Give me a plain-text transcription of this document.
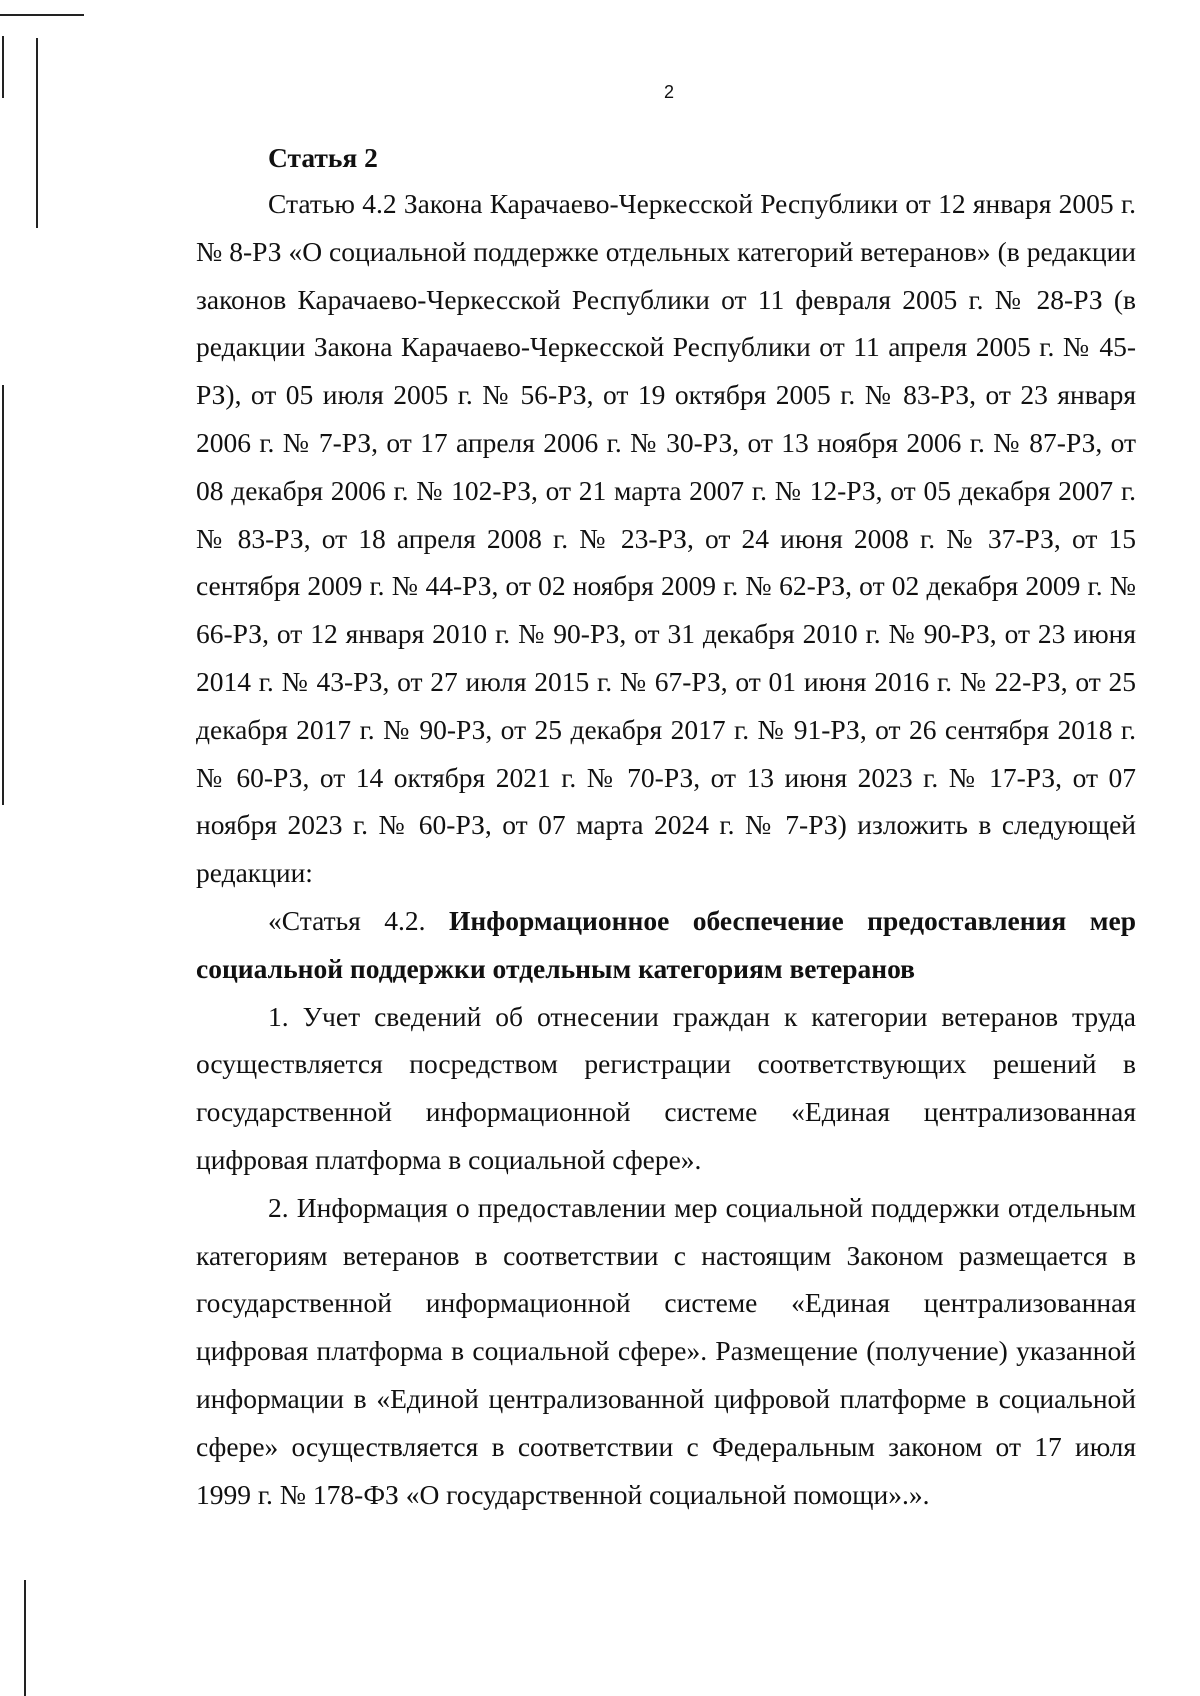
2

Статья 2

Статью 4.2 Закона Карачаево-Черкесской Республики от 12 января 2005 г. № 8-РЗ «О социальной поддержке отдельных категорий ветеранов» (в редакции законов Карачаево-Черкесской Республики от 11 февраля 2005 г. № 28-РЗ (в редакции Закона Карачаево-Черкесской Республики от 11 апреля 2005 г. № 45-РЗ), от 05 июля 2005 г. № 56-РЗ, от 19 октября 2005 г. № 83-РЗ, от 23 января 2006 г. № 7-РЗ, от 17 апреля 2006 г. № 30-РЗ, от 13 ноября 2006 г. № 87-РЗ, от 08 декабря 2006 г. № 102-РЗ, от 21 марта 2007 г. № 12-РЗ, от 05 декабря 2007 г. № 83-РЗ, от 18 апреля 2008 г. № 23-РЗ, от 24 июня 2008 г. № 37-РЗ, от 15 сентября 2009 г. № 44-РЗ, от 02 ноября 2009 г. № 62-РЗ, от 02 декабря 2009 г. № 66-РЗ, от 12 января 2010 г. № 90-РЗ, от 31 декабря 2010 г. № 90-РЗ, от 23 июня 2014 г. № 43-РЗ, от 27 июля 2015 г. № 67-РЗ, от 01 июня 2016 г. № 22-РЗ, от 25 декабря 2017 г. № 90-РЗ, от 25 декабря 2017 г. № 91-РЗ, от 26 сентября 2018 г. № 60-РЗ, от 14 октября 2021 г. № 70-РЗ, от 13 июня 2023 г. № 17-РЗ, от 07 ноября 2023 г. № 60-РЗ, от 07 марта 2024 г. № 7-РЗ) изложить в следующей редакции:

«Статья 4.2. Информационное обеспечение предоставления мер социальной поддержки отдельным категориям ветеранов

1. Учет сведений об отнесении граждан к категории ветеранов труда осуществляется посредством регистрации соответствующих решений в государственной информационной системе «Единая централизованная цифровая платформа в социальной сфере».

2. Информация о предоставлении мер социальной поддержки отдельным категориям ветеранов в соответствии с настоящим Законом размещается в государственной информационной системе «Единая централизованная цифровая платформа в социальной сфере». Размещение (получение) указанной информации в «Единой централизованной цифровой платформе в социальной сфере» осуществляется в соответствии с Федеральным законом от 17 июля 1999 г. № 178-ФЗ «О государственной социальной помощи».».
